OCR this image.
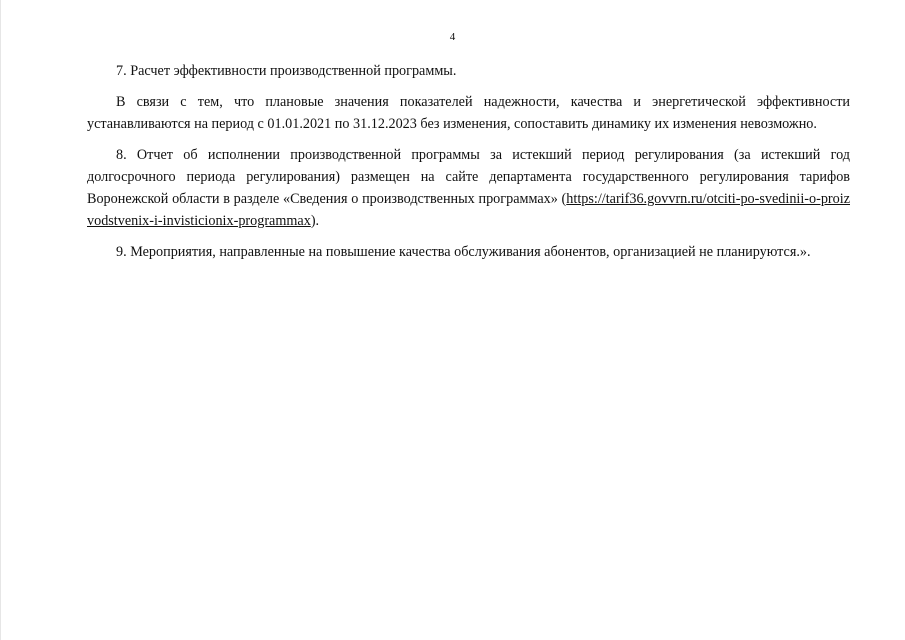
4

7. Расчет эффективности производственной программы.

В связи с тем, что плановые значения показателей надежности, качества и энергетической эффективности устанавливаются на период с 01.01.2021 по 31.12.2023 без изменения, сопоставить динамику их изменения невозможно.

8. Отчет об исполнении производственной программы за истекший период регулирования (за истекший год долгосрочного периода регулирования) размещен на сайте департамента государственного регулирования тарифов Воронежской области в разделе «Сведения о производственных программах» (https://tarif36.govvrn.ru/otciti-po-svedinii-o-proizvodstvenix-i-invisticionix-programmax).

9. Мероприятия, направленные на повышение качества обслуживания абонентов, организацией не планируются.».
